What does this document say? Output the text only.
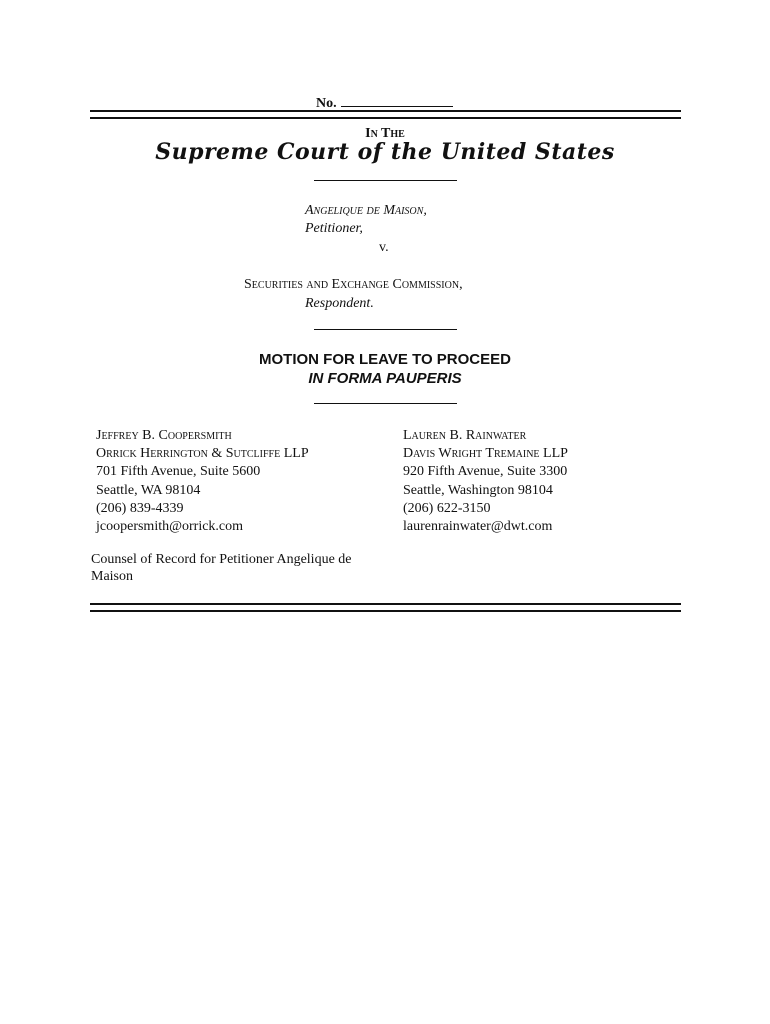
No.
In The
Supreme Court of the United States
Angelique de Maison,
Petitioner,
v.
Securities and Exchange Commission,
Respondent.
MOTION FOR LEAVE TO PROCEED
IN FORMA PAUPERIS
Jeffrey B. Coopersmith
Orrick Herrington & Sutcliffe LLP
701 Fifth Avenue, Suite 5600
Seattle, WA 98104
(206) 839-4339
jcoopersmith@orrick.com
Lauren B. Rainwater
Davis Wright Tremaine LLP
920 Fifth Avenue, Suite 3300
Seattle, Washington 98104
(206) 622-3150
laurenrainwater@dwt.com
Counsel of Record for Petitioner Angelique de Maison
